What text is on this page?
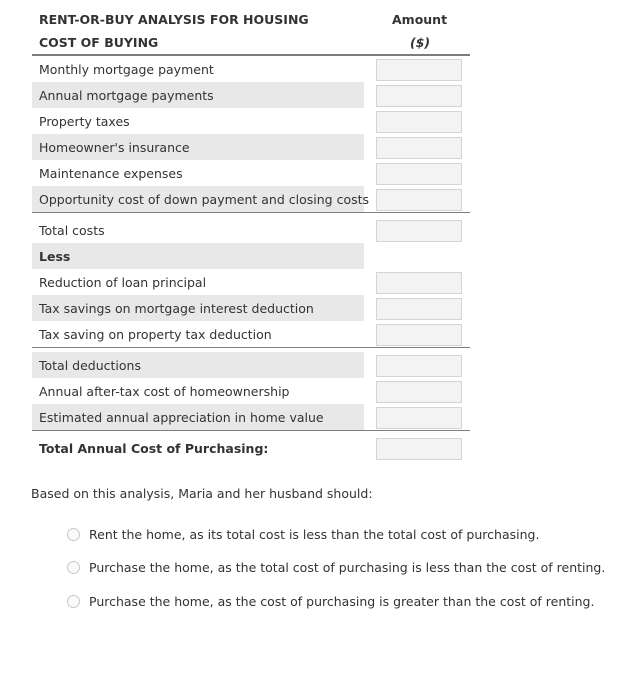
RENT-OR-BUY ANALYSIS FOR HOUSING
COST OF BUYING
Amount
($)
Monthly mortgage payment
Annual mortgage payments
Property taxes
Homeowner's insurance
Maintenance expenses
Opportunity cost of down payment and closing costs
Total costs
Less
Reduction of loan principal
Tax savings on mortgage interest deduction
Tax saving on property tax deduction
Total deductions
Annual after-tax cost of homeownership
Estimated annual appreciation in home value
Total Annual Cost of Purchasing:
Based on this analysis, Maria and her husband should:
Rent the home, as its total cost is less than the total cost of purchasing.
Purchase the home, as the total cost of purchasing is less than the cost of renting.
Purchase the home, as the cost of purchasing is greater than the cost of renting.
